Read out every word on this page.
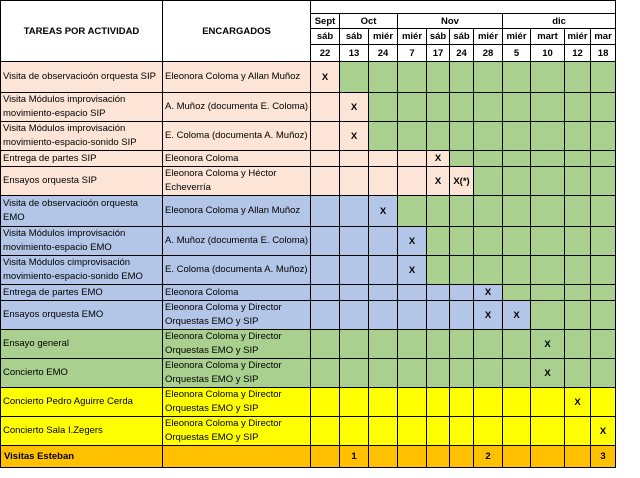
TAREAS POR ACTIVIDAD	ENCARGADOS											
		Sept	Oct		Nov				dic			
		sáb	sáb	miér	miér	sáb	sáb	miér	miér	mart	miér	mar
		22	13	24	7	17	24	28	5	10	12	18
Visita de observacioón orquesta SIP	Eleonora Coloma y Allan Muñoz	X										
Visita Módulos improvisación movimiento-espacio SIP	A. Muñoz (documenta E. Coloma)		X									
Visita Módulos improvisación movimiento-espacio-sonido SIP	E. Coloma (documenta A. Muñoz)		X									
Entrega de partes SIP	Eleonora Coloma					X						
Ensayos orquesta SIP	Eleonora Coloma y Héctor Echeverría					X	X(*)					
Visita de observacioón orquesta EMO	Eleonora Coloma y Allan Muñoz			X								
Visita Módulos improvisación movimiento-espacio EMO	A. Muñoz (documenta E. Coloma)				X							
Visita Módulos cimprovisación movimiento-espacio-sonido EMO	E. Coloma (documenta A. Muñoz)				X							
Entrega de partes EMO	Eleonora Coloma							X				
Ensayos orquesta EMO	Eleonora Coloma y Director Orquestas EMO y SIP							X	X			
Ensayo general	Eleonora Coloma y Director Orquestas EMO y SIP									X		
Concierto EMO	Eleonora Coloma y Director Orquestas EMO y SIP									X		
Concierto Pedro Aguirre Cerda	Eleonora Coloma y Director Orquestas EMO y SIP										X	
Concierto Sala I.Zegers	Eleonora Coloma y Director Orquestas EMO y SIP											X
Visitas Esteban			1					2				3
